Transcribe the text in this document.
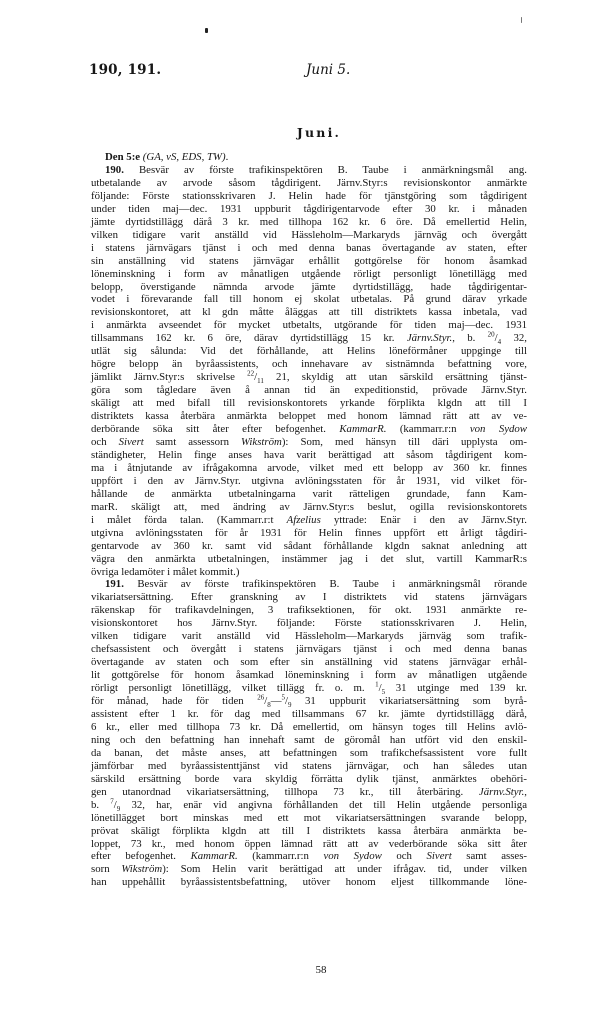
190, 191.	Juni 5.
Juni.
Den 5:e (GA, vS, EDS, TW).
190. Besvär av förste trafikinspektören B. Taube i anmärkningsmål ang.
utbetalande av arvode såsom tågdirigent. Järnv.Styr:s revisionskontor anmärkte
följande: Förste stationsskrivaren J. Helin hade för tjänstgöring som tågdirigent
under tiden maj—dec. 1931 uppburit tågdirigentarvode efter 30 kr. i månaden
jämte dyrtidstillägg därå 3 kr. med tillhopa 162 kr. 6 öre. Då emellertid Helin,
vilken tidigare varit anställd vid Hässleholm—Markaryds järnväg och övergått
i statens järnvägars tjänst i och med denna banas övertagande av staten, efter
sin anställning vid statens järnvägar erhållit gottgörelse för honom åsamkad
löneminskning i form av månatligen utgående rörligt personligt lönetillägg med
belopp, överstigande nämnda arvode jämte dyrtidstillägg, hade tågdirigentar-
vodet i förevarande fall till honom ej skolat utbetalas. På grund därav yrkade
revisionskontoret, att kl gdn måtte åläggas att till distriktets kassa inbetala, vad
i anmärkta avseendet för mycket utbetalts, utgörande för tiden maj—dec. 1931
tillsammans 162 kr. 6 öre, därav dyrtidstillägg 15 kr. Järnv.Styr., b. $^{20}/_4$ 32,
utlät sig sålunda: Vid det förhållande, att Helins löneförmåner uppginge till
högre belopp än byråassistents, och innehavare av sistnämnda befattning vore,
jämlikt Järnv.Styr:s skrivelse $^{22}/_{11}$ 21, skyldig att utan särskild ersättning tjänst-
göra som tågledare även å annan tid än expeditionstid, prövade Järnv.Styr.
skäligt att med bifall till revisionskontorets yrkande förpliktа klgdn att till I
distriktets kassa återbära anmärkta beloppet med honom lämnad rätt att av ve-
derbörande söka sitt åter efter befogenhet. KammarR. (kammarr.r:n von Sydow
och Sivert samt assessorn Wikström): Som, med hänsyn till därі upplysta om-
ständigheter, Helin finge anses hava varit berättigad att såsom tågdirigent kom-
ma i åtnjutande av ifrågakomna arvode, vilket med ett belopp av 360 kr. finnes
uppfört i den av Järnv.Styr. utgivna avlöningsstaten för år 1931, vid vilket för-
hållande de anmärkta utbetalningarna varit rätteligen grundade, fann Kam-
marR. skäligt att, med ändring av Järnv.Styr:s beslut, ogilla revisionskontorets
i målet förda talan. (Kammarr.r:t Afzelius yttrade: Enär i den av Järnv.Styr.
utgivna avlöningsstaten för år 1931 för Helin finnes uppfört ett årligt tågdiri-
gentarvode av 360 kr. samt vid sådant förhållande klgdn saknat anledning att
vägra den anmärkta utbetalningen, instämmer jag i det slut, vartill KammarR:s
övriga ledamöter i målet kommit.)
191. Besvär av förste trafikinspektören B. Taube i anmärkningsmål rörande
vikariatsersättning. Efter granskning av I distriktets vid statens järnvägars
räkenskap för trafikavdelningen, 3 trafiksektionen, för okt. 1931 anmärkte re-
visionskontoret hos Järnv.Styr. följande: Förste stationsskrivaren J. Helin,
vilken tidigare varit anställd vid Hässleholm—Markaryds järnväg som trafik-
chefsassistent och övergått i statens järnvägars tjänst i och med denna banas
övertagande av staten och som efter sin anställning vid statens järnvägar erhål-
lit gottgörelse för honom åsamkad löneminskning i form av månatligen utgående
rörligt personligt lönetillägg, vilket tillägg fr. o. m. $^1/_5$ 31 utginge med 139 kr.
för månad, hade för tiden $^{26}/_8—^5/_9$ 31 uppburit vikariatsersättning som byrå-
assistent efter 1 kr. för dag med tillsammans 67 kr. jämte dyrtidstillägg därå,
6 kr., eller med tillhopa 73 kr. Då emellertid, om hänsyn toges till Helins avlö-
ning och den befattning han innehaft samt de göromål han utfört vid den enskil-
da banan, det måste anses, att befattningen som trafikchefsassistent vore fullt
jämförbar med byråassistenttjänst vid statens järnvägar, och han således utan
särskild ersättning borde vara skyldig förrätta dylik tjänst, anmärktes obehöri-
gen utanordnad vikariatsersättning, tillhopa 73 kr., till återbäring. Järnv.Styr.,
b. $^7/_9$ 32, har, enär vid angivna förhållanden det till Helin utgående personliga
lönetillägget bort minskas med ett mot vikariatsersättningen svarande belopp,
prövat skäligt förpliktа klgdn att till I distriktets kassa återbära anmärkta be-
loppet, 73 kr., med honom öppen lämnad rätt att av vederbörande söka sitt åter
efter befogenhet. KammarR. (kammarr.r:n von Sydow och Sivert samt asses-
sorn Wikström): Som Helin varit berättigad att under ifrågav. tid, under vilken
han uppehållit byråassistentsbefattning, utöver honom eljest tillkommande löne-
58
